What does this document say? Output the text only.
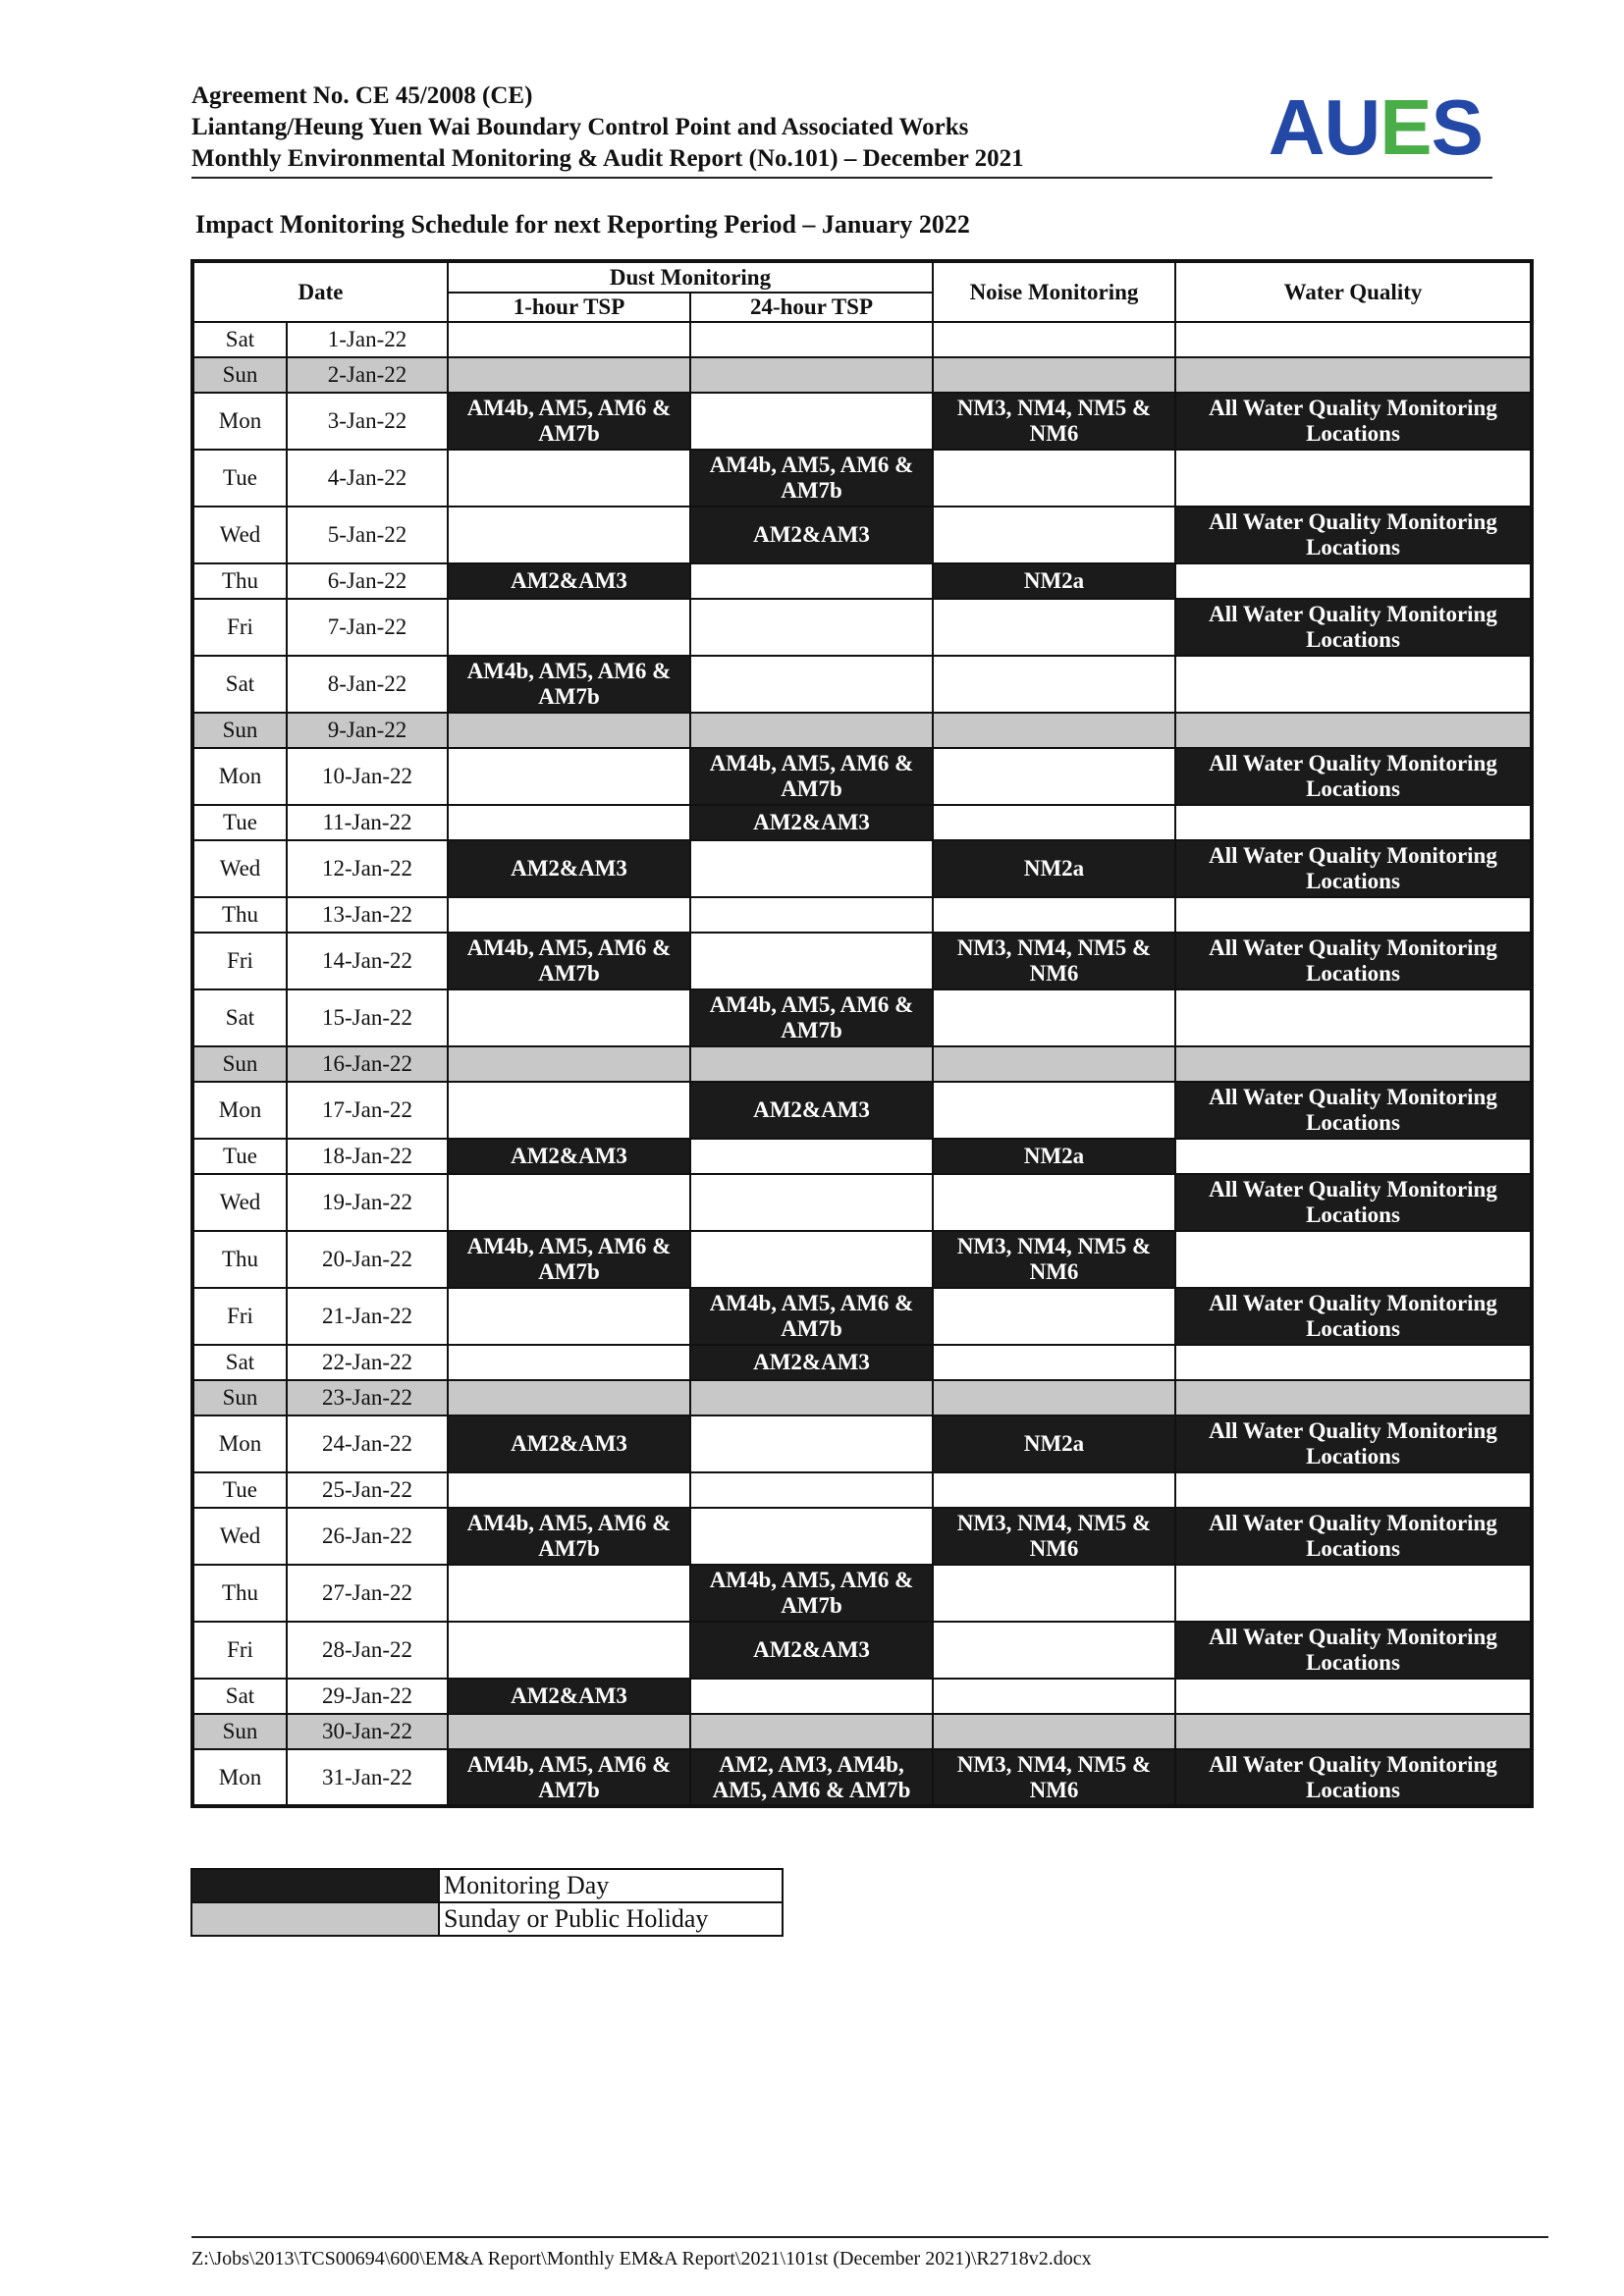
Agreement No. CE 45/2008 (CE)
Liantang/Heung Yuen Wai Boundary Control Point and Associated Works
Monthly Environmental Monitoring & Audit Report (No.101) – December 2021	AUES
Impact Monitoring Schedule for next Reporting Period – January 2022
Date		Dust Monitoring		Noise Monitoring	Water Quality
		1-hour TSP	24-hour TSP		
Sat	1-Jan-22				
Sun	2-Jan-22				
Mon	3-Jan-22	AM4b, AM5, AM6 & AM7b		NM3, NM4, NM5 & NM6	All Water Quality Monitoring Locations
Tue	4-Jan-22		AM4b, AM5, AM6 & AM7b		
Wed	5-Jan-22		AM2&AM3		All Water Quality Monitoring Locations
Thu	6-Jan-22	AM2&AM3		NM2a	
Fri	7-Jan-22				All Water Quality Monitoring Locations
Sat	8-Jan-22	AM4b, AM5, AM6 & AM7b			
Sun	9-Jan-22				
Mon	10-Jan-22		AM4b, AM5, AM6 & AM7b		All Water Quality Monitoring Locations
Tue	11-Jan-22		AM2&AM3		
Wed	12-Jan-22	AM2&AM3		NM2a	All Water Quality Monitoring Locations
Thu	13-Jan-22				
Fri	14-Jan-22	AM4b, AM5, AM6 & AM7b		NM3, NM4, NM5 & NM6	All Water Quality Monitoring Locations
Sat	15-Jan-22		AM4b, AM5, AM6 & AM7b		
Sun	16-Jan-22				
Mon	17-Jan-22		AM2&AM3		All Water Quality Monitoring Locations
Tue	18-Jan-22	AM2&AM3		NM2a	
Wed	19-Jan-22				All Water Quality Monitoring Locations
Thu	20-Jan-22	AM4b, AM5, AM6 & AM7b		NM3, NM4, NM5 & NM6	
Fri	21-Jan-22		AM4b, AM5, AM6 & AM7b		All Water Quality Monitoring Locations
Sat	22-Jan-22		AM2&AM3		
Sun	23-Jan-22				
Mon	24-Jan-22	AM2&AM3		NM2a	All Water Quality Monitoring Locations
Tue	25-Jan-22				
Wed	26-Jan-22	AM4b, AM5, AM6 & AM7b		NM3, NM4, NM5 & NM6	All Water Quality Monitoring Locations
Thu	27-Jan-22		AM4b, AM5, AM6 & AM7b		
Fri	28-Jan-22		AM2&AM3		All Water Quality Monitoring Locations
Sat	29-Jan-22	AM2&AM3			
Sun	30-Jan-22				
Mon	31-Jan-22	AM4b, AM5, AM6 & AM7b	AM2, AM3, AM4b, AM5, AM6 & AM7b	NM3, NM4, NM5 & NM6	All Water Quality Monitoring Locations
	Monitoring Day
	Sunday or Public Holiday
Z:\Jobs\2013\TCS00694\600\EM&A Report\Monthly EM&A Report\2021\101st (December 2021)\R2718v2.docx
